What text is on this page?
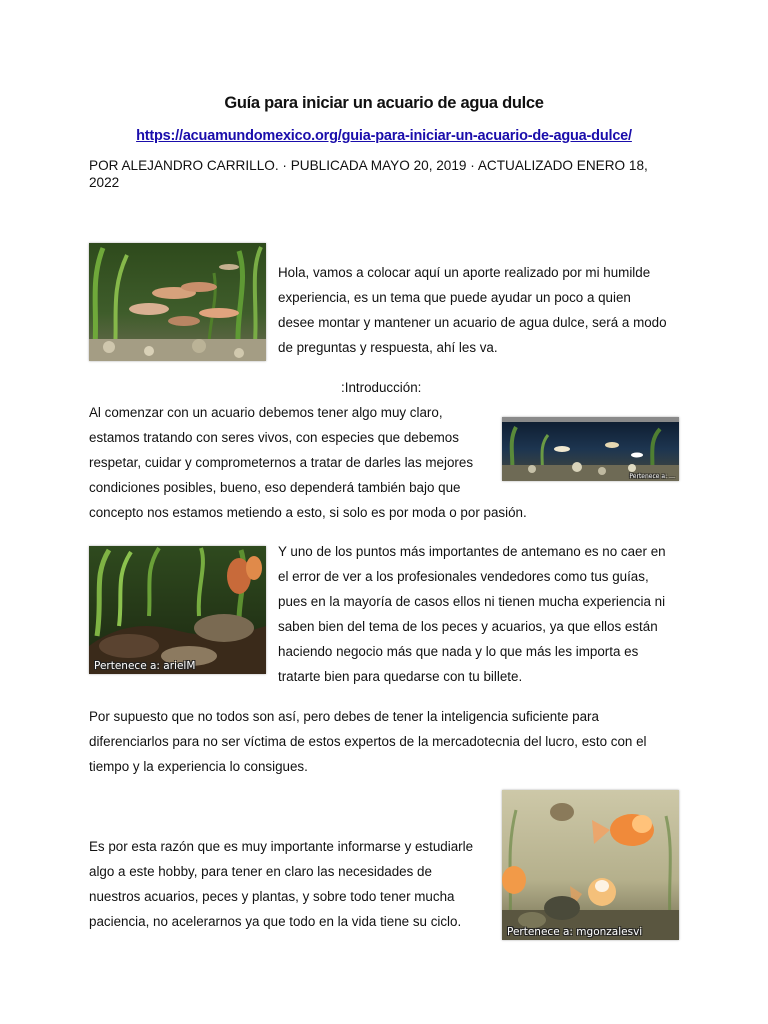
Guía para iniciar un acuario de agua dulce
https://acuamundomexico.org/guia-para-iniciar-un-acuario-de-agua-dulce/
POR ALEJANDRO CARRILLO. · PUBLICADA MAYO 20, 2019 · ACTUALIZADO ENERO 18, 2022
Hola, vamos a colocar aquí un aporte realizado por mi humilde
experiencia, es un tema que puede ayudar un poco a quien
desee montar y mantener un acuario de agua dulce, será a modo
de preguntas y respuesta, ahí les va.
:Introducción:
Al comenzar con un acuario debemos tener algo muy claro,
estamos tratando con seres vivos, con especies que debemos
respetar, cuidar y comprometernos a tratar de darles las mejores
condiciones posibles, bueno, eso dependerá también bajo que
concepto nos estamos metiendo a esto, si solo es por moda o por pasión.
Pertenece a: …
Pertenece a: arielM
Y uno de los puntos más importantes de antemano es no caer en
el error de ver a los profesionales vendedores como tus guías,
pues en la mayoría de casos ellos ni tienen mucha experiencia ni
saben bien del tema de los peces y acuarios, ya que ellos están
haciendo negocio más que nada y lo que más les importa es
tratarte bien para quedarse con tu billete.
Por supuesto que no todos son así, pero debes de tener la inteligencia suficiente para
diferenciarlos para no ser víctima de estos expertos de la mercadotecnia del lucro, esto con el
tiempo y la experiencia lo consigues.
Pertenece a: mgonzalesvi
Es por esta razón que es muy importante informarse y estudiarle
algo a este hobby, para tener en claro las necesidades de
nuestros acuarios, peces y plantas, y sobre todo tener mucha
paciencia, no acelerarnos ya que todo en la vida tiene su ciclo.
